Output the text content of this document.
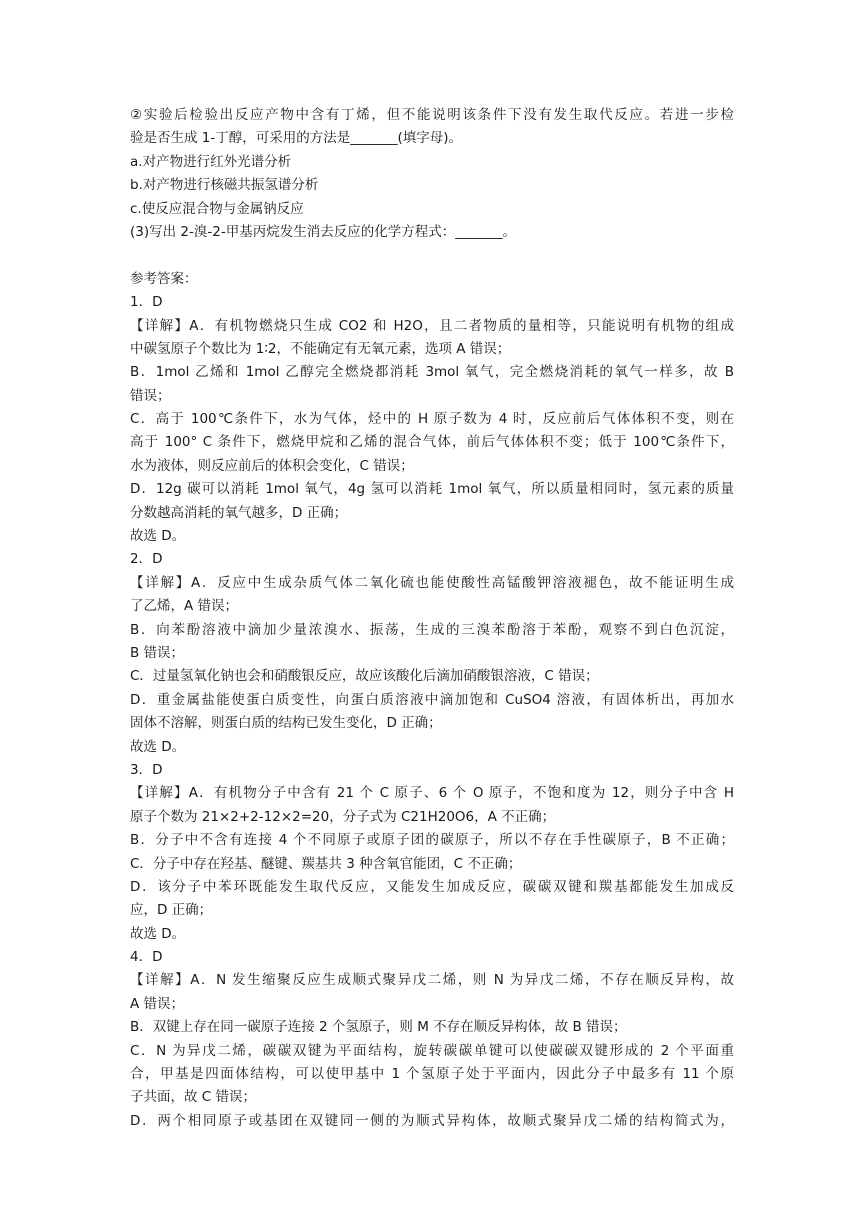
②实验后检验出反应产物中含有丁烯，但不能说明该条件下没有发生取代反应。若进一步检
验是否生成 1-丁醇，可采用的方法是_______(填字母)。
a.对产物进行红外光谱分析
b.对产物进行核磁共振氢谱分析
c.使反应混合物与金属钠反应
(3)写出 2-溴-2-甲基丙烷发生消去反应的化学方程式：_______。
参考答案：
1．D
【详解】A．有机物燃烧只生成 CO2 和 H2O，且二者物质的量相等，只能说明有机物的组成
中碳氢原子个数比为 1∶2，不能确定有无氧元素，选项 A 错误；
B．1mol 乙烯和 1mol 乙醇完全燃烧都消耗 3mol 氧气，完全燃烧消耗的氧气一样多，故 B
错误；
C．高于 100℃条件下，水为气体，烃中的 H 原子数为 4 时，反应前后气体体积不变，则在
高于 100° C 条件下，燃烧甲烷和乙烯的混合气体，前后气体体积不变；低于 100℃条件下，
水为液体，则反应前后的体积会变化，C 错误；
D．12g 碳可以消耗 1mol 氧气，4g 氢可以消耗 1mol 氧气，所以质量相同时，氢元素的质量
分数越高消耗的氧气越多，D 正确；
故选 D。
2．D
【详解】A．反应中生成杂质气体二氧化硫也能使酸性高锰酸钾溶液褪色，故不能证明生成
了乙烯，A 错误；
B．向苯酚溶液中滴加少量浓溴水、振荡，生成的三溴苯酚溶于苯酚，观察不到白色沉淀，
B 错误；
C．过量氢氧化钠也会和硝酸银反应，故应该酸化后滴加硝酸银溶液，C 错误；
D．重金属盐能使蛋白质变性，向蛋白质溶液中滴加饱和 CuSO4 溶液，有固体析出，再加水
固体不溶解，则蛋白质的结构已发生变化，D 正确；
故选 D。
3．D
【详解】A．有机物分子中含有 21 个 C 原子、6 个 O 原子，不饱和度为 12，则分子中含 H
原子个数为 21×2+2-12×2=20，分子式为 C21H20O6，A 不正确；
B．分子中不含有连接 4 个不同原子或原子团的碳原子，所以不存在手性碳原子，B 不正确；
C．分子中存在羟基、醚键、羰基共 3 种含氧官能团，C 不正确；
D．该分子中苯环既能发生取代反应，又能发生加成反应，碳碳双键和羰基都能发生加成反
应，D 正确；
故选 D。
4．D
【详解】A．N 发生缩聚反应生成顺式聚异戊二烯，则 N 为异戊二烯，不存在顺反异构，故
A 错误；
B．双键上存在同一碳原子连接 2 个氢原子，则 M 不存在顺反异构体，故 B 错误；
C．N 为异戊二烯，碳碳双键为平面结构，旋转碳碳单键可以使碳碳双键形成的 2 个平面重
合，甲基是四面体结构，可以使甲基中 1 个氢原子处于平面内，因此分子中最多有 11 个原
子共面，故 C 错误；
D．两个相同原子或基团在双键同一侧的为顺式异构体，故顺式聚异戊二烯的结构简式为，
